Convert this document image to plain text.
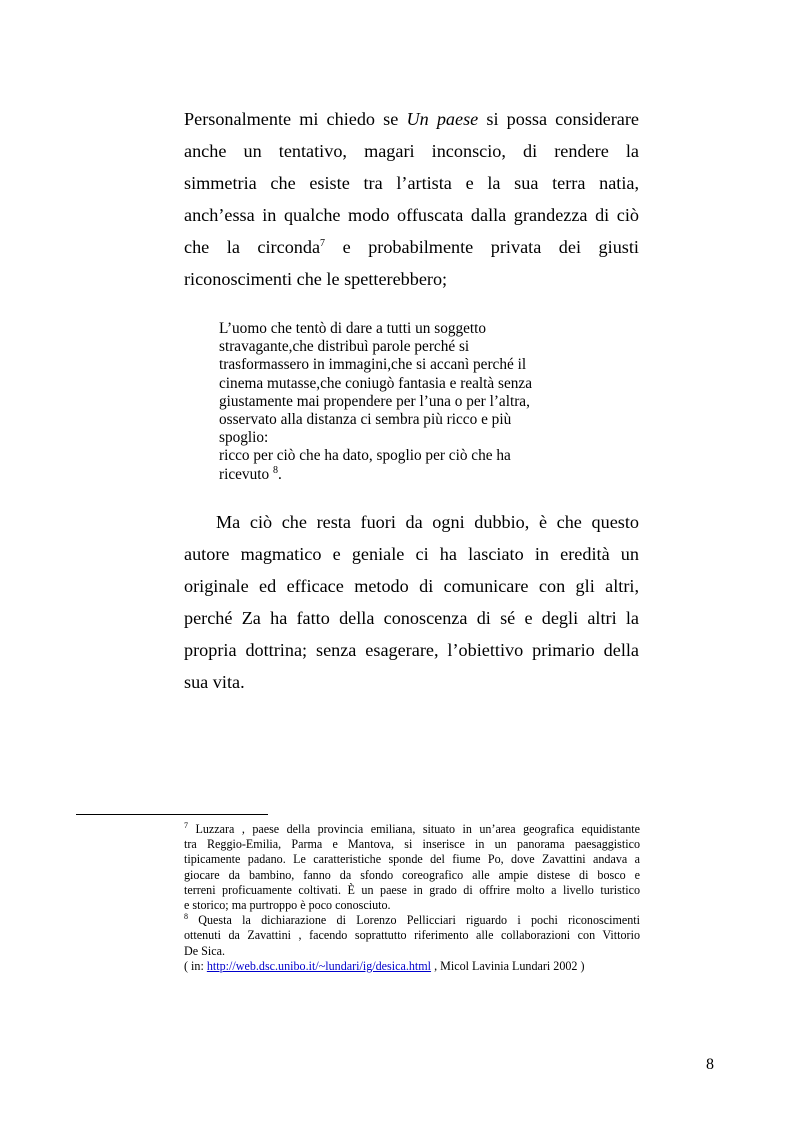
Personalmente mi chiedo se Un paese si possa considerare
anche un tentativo, magari inconscio, di rendere la
simmetria che esiste tra l’artista e la sua terra natia,
anch’essa in qualche modo offuscata dalla grandezza di ciò
che la circonda$^7$ e probabilmente privata dei giusti
riconoscimenti che le spetterebbero;
L’uomo che tentò di dare a tutti un soggetto
stravagante,che distribuì parole perché si
trasformassero in immagini,che si accanì perché il
cinema mutasse,che coniugò fantasia e realtà senza
giustamente mai propendere per l’una o per l’altra,
osservato alla distanza ci sembra più ricco e più
spoglio:
ricco per ciò che ha dato, spoglio per ciò che ha
ricevuto $^8$.
Ma ciò che resta fuori da ogni dubbio, è che questo
autore magmatico e geniale ci ha lasciato in eredità un
originale ed efficace metodo di comunicare con gli altri,
perché Za ha fatto della conoscenza di sé e degli altri la
propria dottrina; senza esagerare, l’obiettivo primario della
sua vita.
$^7$ Luzzara , paese della provincia emiliana, situato in un’area geografica equidistante
tra Reggio-Emilia, Parma e Mantova, si inserisce in un panorama paesaggistico
tipicamente padano. Le caratteristiche sponde del fiume Po, dove Zavattini andava a
giocare da bambino, fanno da sfondo coreografico alle ampie distese di bosco e
terreni proficuamente coltivati. È un paese in grado di offrire molto a livello turistico
e storico; ma purtroppo è poco conosciuto.
$^8$ Questa la dichiarazione di Lorenzo Pellicciari riguardo i pochi riconoscimenti
ottenuti da Zavattini , facendo soprattutto riferimento alle collaborazioni con Vittorio
De Sica.
( in: http://web.dsc.unibo.it/~lundari/ig/desica.html , Micol Lavinia Lundari 2002 )
8
